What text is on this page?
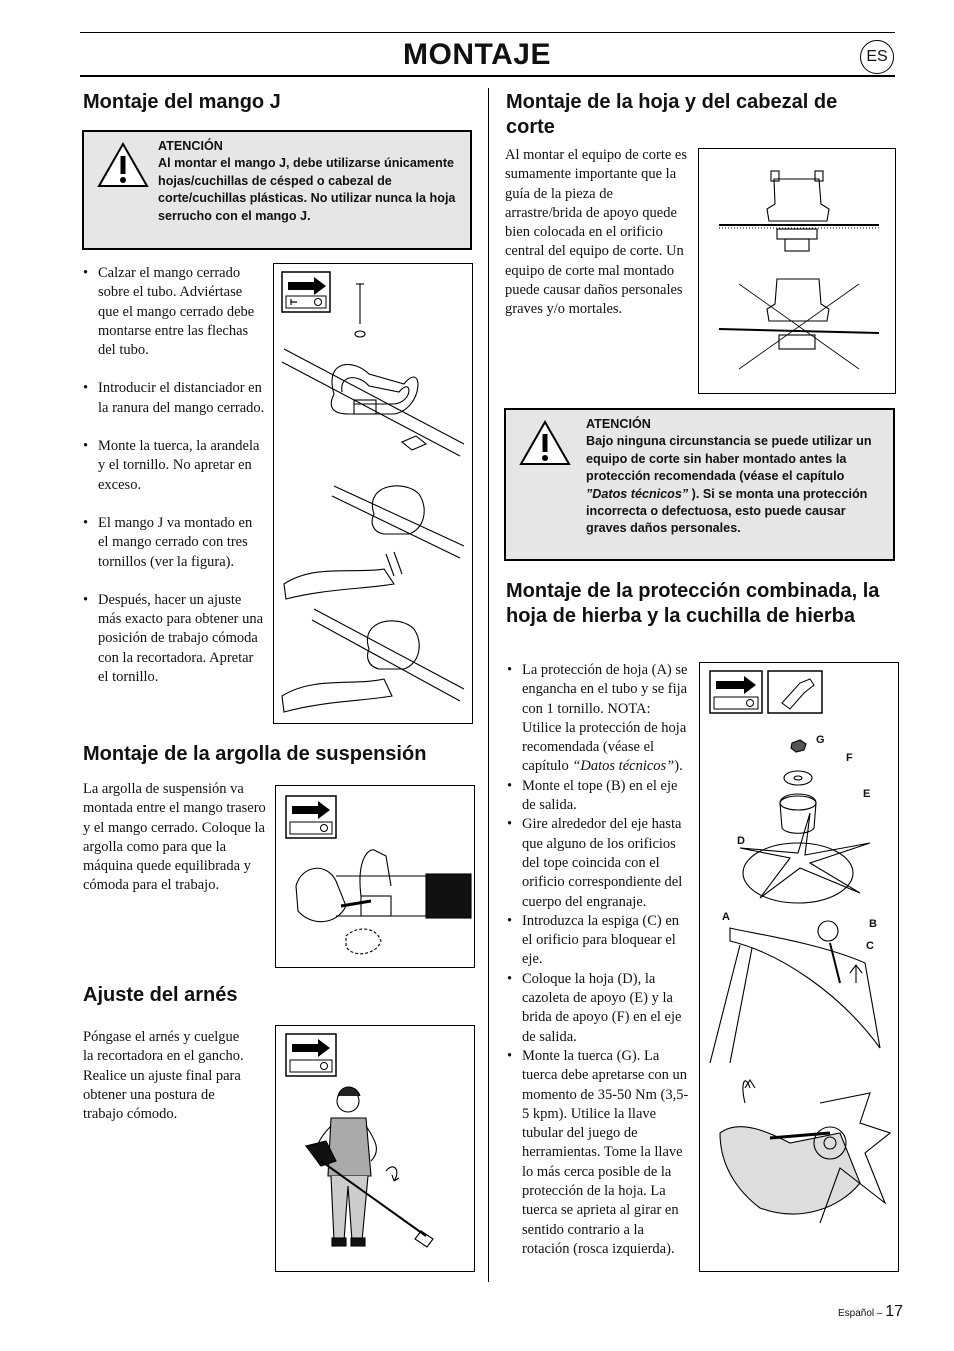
MONTAJE	ES
Montaje del mango J
ATENCIÓN
Al montar el mango J, debe utilizarse únicamente hojas/cuchillas de césped o cabezal de corte/cuchillas plásticas. No utilizar nunca la hoja serrucho con el mango J.
• Calzar el mango cerrado sobre el tubo. Adviértase que el mango cerrado debe montarse entre las flechas del tubo.
• Introducir el distanciador en la ranura del mango cerrado.
• Monte la tuerca, la arandela y el tornillo. No apretar en exceso.
• El mango J va montado en el mango cerrado con tres tornillos (ver la figura).
• Después, hacer un ajuste más exacto para obtener una posición de trabajo cómoda con la recortadora. Apretar el tornillo.
Montaje de la argolla de suspensión
La argolla de suspensión va montada entre el mango trasero y el mango cerrado. Coloque la argolla como para que la máquina quede equilibrada y cómoda para el trabajo.
Ajuste del arnés
Póngase el arnés y cuelgue la recortadora en el gancho. Realice un ajuste final para obtener una postura de trabajo cómodo.
Montaje de la hoja y del cabezal de corte
Al montar el equipo de corte es sumamente importante que la guía de la pieza de arrastre/brida de apoyo quede bien colocada en el orificio central del equipo de corte. Un equipo de corte mal montado puede causar daños personales graves y/o mortales.
ATENCIÓN
Bajo ninguna circunstancia se puede utilizar un equipo de corte sin haber montado antes la protección recomendada (véase el capítulo ”Datos técnicos” ). Si se monta una protección incorrecta o defectuosa, esto puede causar graves daños personales.
Montaje de la protección combinada, la hoja de hierba y la cuchilla de hierba
• La protección de hoja (A) se engancha en el tubo y se fija con 1 tornillo. NOTA: Utilice la protección de hoja recomendada (véase el capítulo “Datos técnicos”).
• Monte el tope (B) en el eje de salida.
• Gire alrededor del eje hasta que alguno de los orificios del tope coincida con el orificio correspondiente del cuerpo del engranaje.
• Introduzca la espiga (C) en el orificio para bloquear el eje.
• Coloque la hoja (D), la cazoleta de apoyo (E) y la brida de apoyo (F) en el eje de salida.
• Monte la tuerca (G). La tuerca debe apretarse con un momento de 35-50 Nm (3,5-5 kpm). Utilice la llave tubular del juego de herramientas. Tome la llave lo más cerca posible de la protección de la hoja. La tuerca se aprieta al girar en sentido contrario a la rotación (rosca izquierda).
G
F
E
D
A
B
C
Español – 17
